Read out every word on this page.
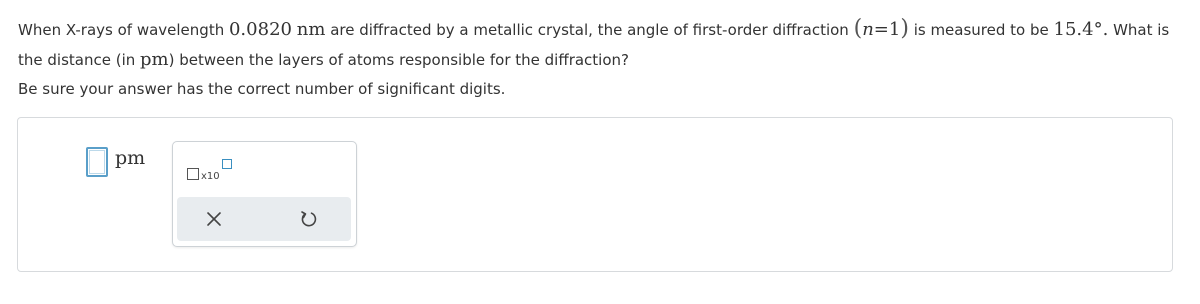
When X-rays of wavelength 0.0820 nm are diffracted by a metallic crystal, the angle of first-order diffraction (n=1) is measured to be 15.4°. What is the distance (in pm) between the layers of atoms responsible for the diffraction?

Be sure your answer has the correct number of significant digits.
pm
x10
